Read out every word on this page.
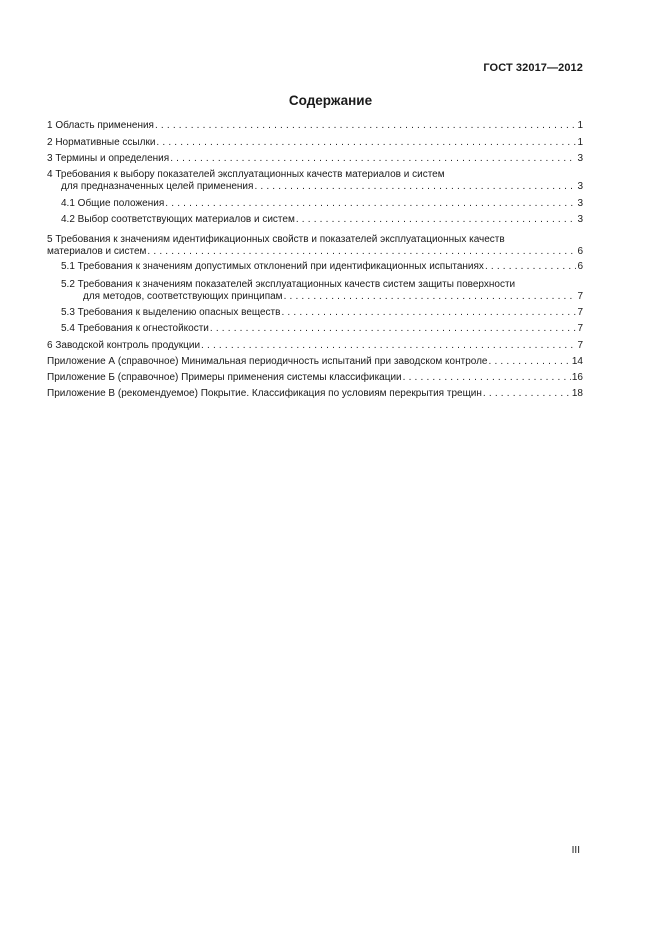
ГОСТ 32017—2012
Содержание
1 Область применения . . .	1
2 Нормативные ссылки . . .	1
3 Термины и определения . . .	3
4 Требования к выбору показателей эксплуатационных качеств материалов и систем
для предназначенных целей применения . . .	3
4.1 Общие положения . . .	3
4.2 Выбор соответствующих материалов и систем . . .	3
5 Требования к значениям идентификационных свойств и показателей эксплуатационных качеств
материалов и систем . . .	6
5.1 Требования к значениям допустимых отклонений при идентификационных испытаниях . . .	6
5.2 Требования к значениям показателей эксплуатационных качеств систем защиты поверхности
для методов, соответствующих принципам . . .	7
5.3 Требования к выделению опасных веществ . . .	7
5.4 Требования к огнестойкости . . .	7
6 Заводской контроль продукции . . .	7
Приложение А (справочное) Минимальная периодичность испытаний при заводском контроле . . .	14
Приложение Б (справочное) Примеры применения системы классификации . . .	16
Приложение В (рекомендуемое) Покрытие. Классификация по условиям перекрытия трещин . . .	18
III
